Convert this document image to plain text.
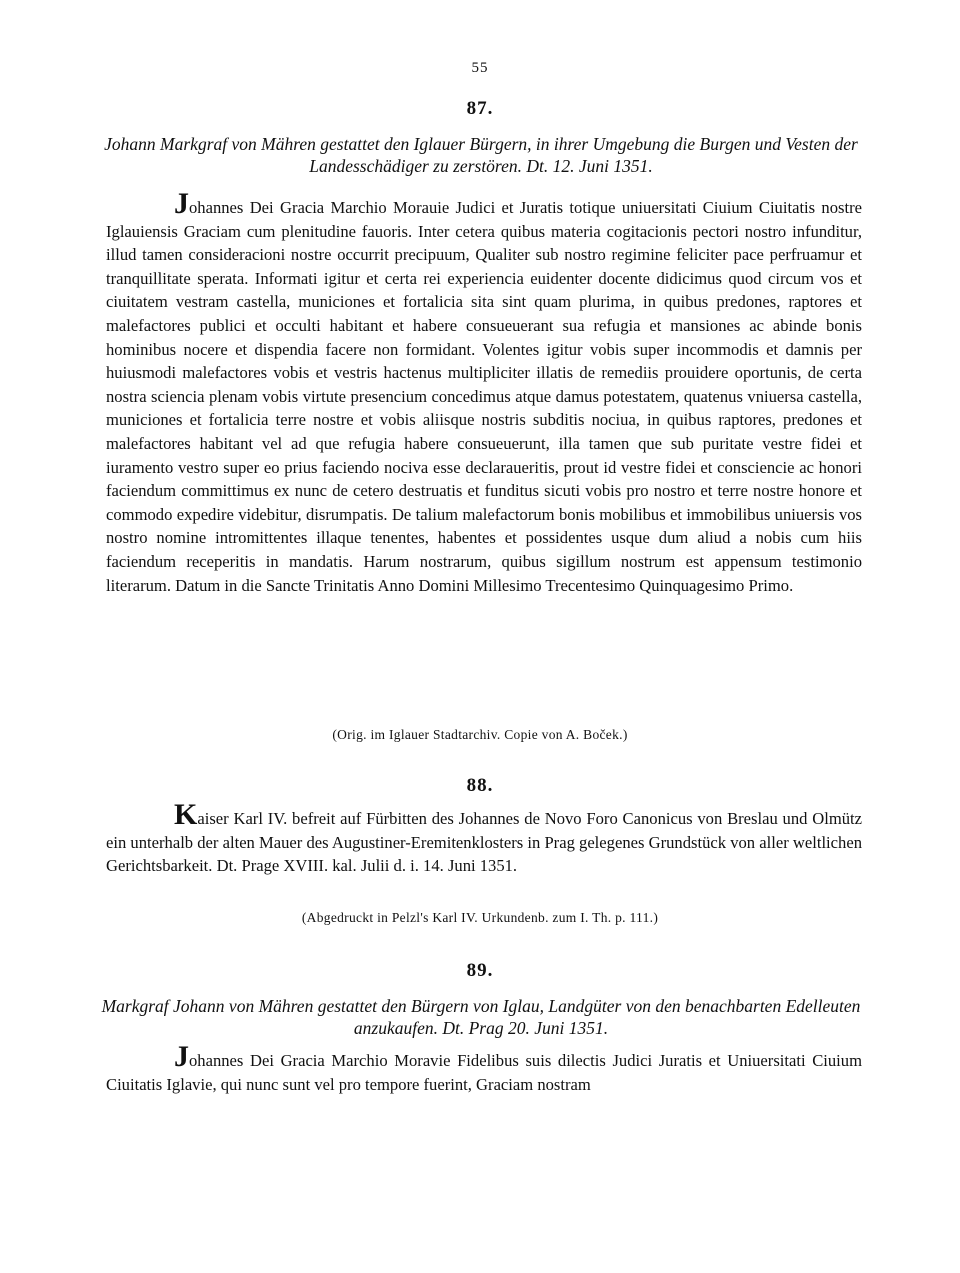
55
87.
Johann Markgraf von Mähren gestattet den Iglauer Bürgern, in ihrer Umgebung die Burgen und Vesten der Landesschädiger zu zerstören. Dt. 12. Juni 1351.
Johannes Dei Gracia Marchio Morauie Judici et Juratis totique uniuersitati Ciuium Ciuitatis nostre Iglauiensis Graciam cum plenitudine fauoris. Inter cetera quibus materia cogitacionis pectori nostro infunditur, illud tamen consideracioni nostre occurrit precipuum, Qualiter sub nostro regimine feliciter pace perfruamur et tranquillitate sperata. Informati igitur et certa rei experiencia euidenter docente didicimus quod circum vos et ciuitatem vestram castella, municiones et fortalicia sita sint quam plurima, in quibus predones, raptores et malefactores publici et occulti habitant et habere consueuerant sua refugia et mansiones ac abinde bonis hominibus nocere et dispendia facere non formidant. Volentes igitur vobis super incommodis et damnis per huiusmodi malefactores vobis et vestris hactenus multipliciter illatis de remediis prouidere oportunis, de certa nostra sciencia plenam vobis virtute presencium concedimus atque damus potestatem, quatenus vniuersa castella, municiones et fortalicia terre nostre et vobis aliisque nostris subditis nociua, in quibus raptores, predones et malefactores habitant vel ad que refugia habere consueuerunt, illa tamen que sub puritate vestre fidei et iuramento vestro super eo prius faciendo nociva esse declaraueritis, prout id vestre fidei et consciencie ac honori faciendum committimus ex nunc de cetero destruatis et funditus sicuti vobis pro nostro et terre nostre honore et commodo expedire videbitur, disrumpatis. De talium malefactorum bonis mobilibus et immobilibus uniuersis vos nostro nomine intromittentes illaque tenentes, habentes et possidentes usque dum aliud a nobis cum hiis faciendum receperitis in mandatis. Harum nostrarum, quibus sigillum nostrum est appensum testimonio literarum. Datum in die Sancte Trinitatis Anno Domini Millesimo Trecentesimo Quinquagesimo Primo.
(Orig. im Iglauer Stadtarchiv. Copie von A. Boček.)
88.
Kaiser Karl IV. befreit auf Fürbitten des Johannes de Novo Foro Canonicus von Breslau und Olmütz ein unterhalb der alten Mauer des Augustiner-Eremitenklosters in Prag gelegenes Grundstück von aller weltlichen Gerichtsbarkeit. Dt. Prage XVIII. kal. Julii d. i. 14. Juni 1351.
(Abgedruckt in Pelzl's Karl IV. Urkundenb. zum I. Th. p. 111.)
89.
Markgraf Johann von Mähren gestattet den Bürgern von Iglau, Landgüter von den benachbarten Edelleuten anzukaufen. Dt. Prag 20. Juni 1351.
Johannes Dei Gracia Marchio Moravie Fidelibus suis dilectis Judici Juratis et Uniuersitati Ciuium Ciuitatis Iglavie, qui nunc sunt vel pro tempore fuerint, Graciam nostram
